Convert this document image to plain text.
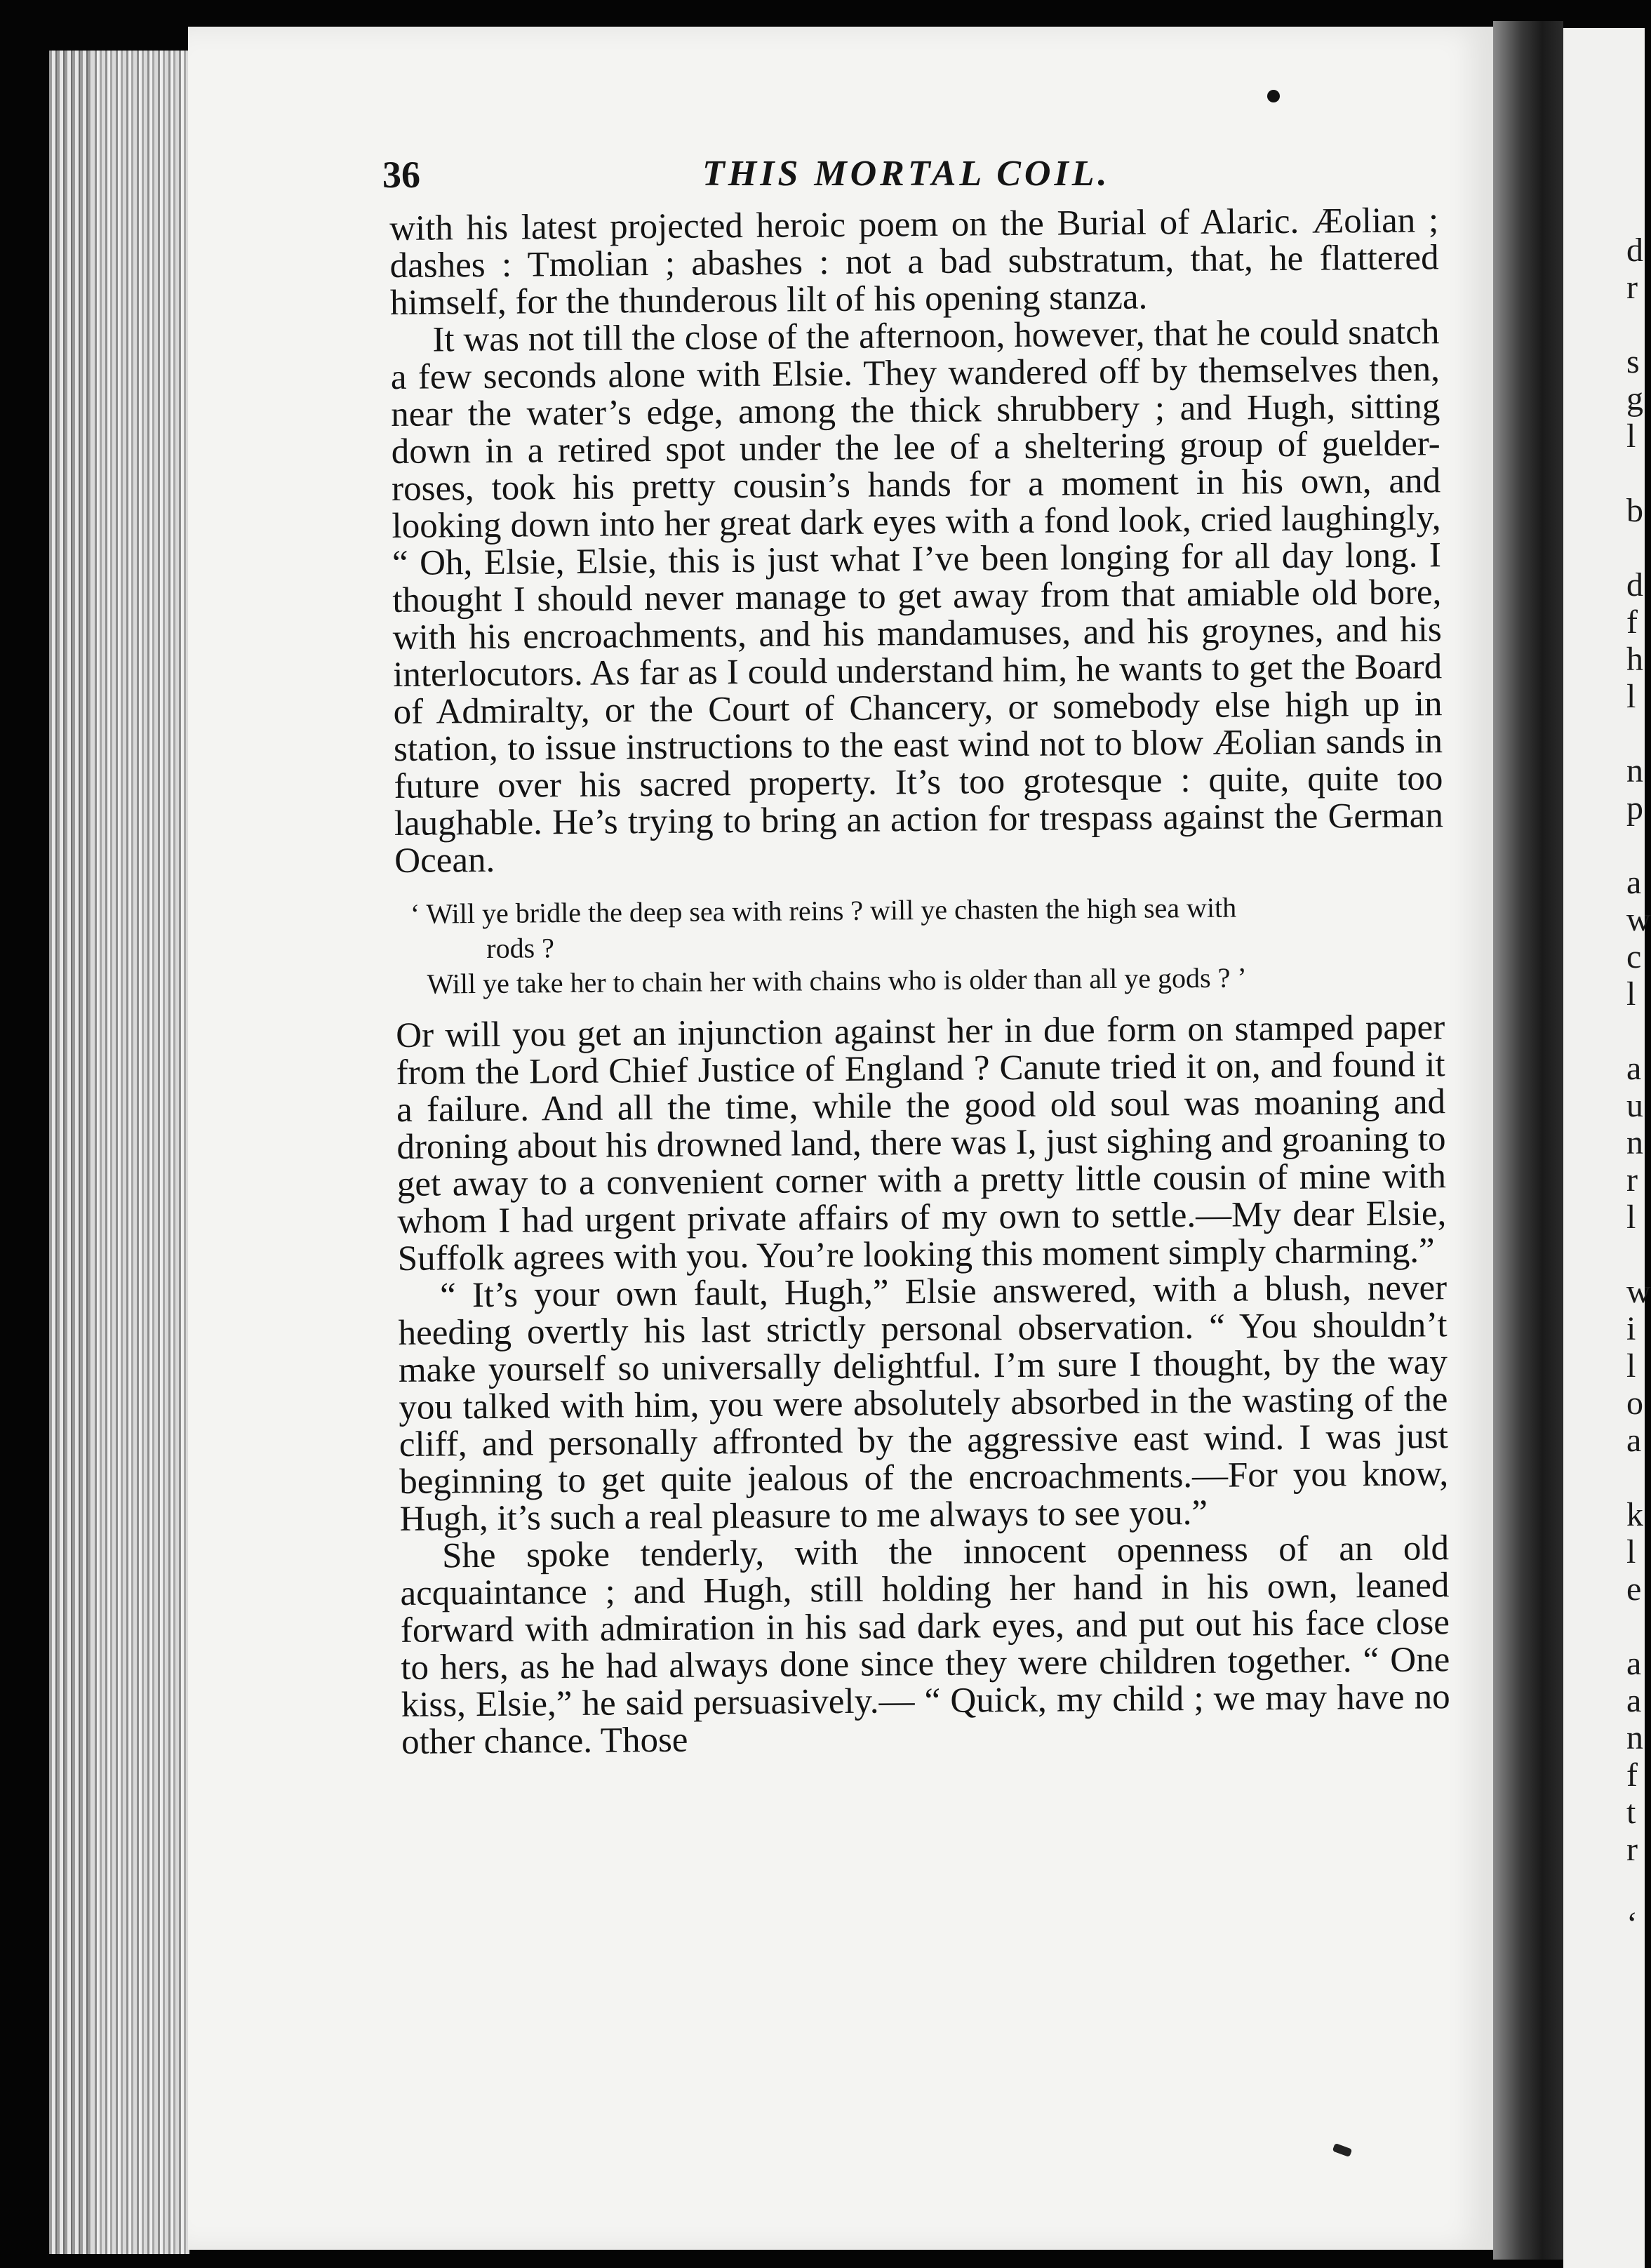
36	THIS MORTAL COIL.

with his latest projected heroic poem on the Burial of Alaric. Æolian ; dashes : Tmolian ; abashes : not a bad substratum, that, he flattered himself, for the thunderous lilt of his opening stanza.

It was not till the close of the afternoon, however, that he could snatch a few seconds alone with Elsie. They wandered off by themselves then, near the water’s edge, among the thick shrubbery ; and Hugh, sitting down in a retired spot under the lee of a sheltering group of guelder-roses, took his pretty cousin’s hands for a moment in his own, and looking down into her great dark eyes with a fond look, cried laughingly, “ Oh, Elsie, Elsie, this is just what I’ve been longing for all day long. I thought I should never manage to get away from that amiable old bore, with his encroachments, and his mandamuses, and his groynes, and his interlocutors. As far as I could understand him, he wants to get the Board of Admiralty, or the Court of Chancery, or somebody else high up in station, to issue instructions to the east wind not to blow Æolian sands in future over his sacred property. It’s too grotesque : quite, quite too laughable. He’s trying to bring an action for trespass against the German Ocean.

‘ Will ye bridle the deep sea with reins ? will ye chasten the high sea with
rods ?
Will ye take her to chain her with chains who is older than all ye gods ? ’

Or will you get an injunction against her in due form on stamped paper from the Lord Chief Justice of England ? Canute tried it on, and found it a failure. And all the time, while the good old soul was moaning and droning about his drowned land, there was I, just sighing and groaning to get away to a convenient corner with a pretty little cousin of mine with whom I had urgent private affairs of my own to settle.—My dear Elsie, Suffolk agrees with you. You’re looking this moment simply charming.”

“ It’s your own fault, Hugh,” Elsie answered, with a blush, never heeding overtly his last strictly personal observation. “ You shouldn’t make yourself so universally delightful. I’m sure I thought, by the way you talked with him, you were absolutely absorbed in the wasting of the cliff, and personally affronted by the aggressive east wind. I was just beginning to get quite jealous of the encroachments.—For you know, Hugh, it’s such a real pleasure to me always to see you.”

She spoke tenderly, with the innocent openness of an old acquaintance ; and Hugh, still holding her hand in his own, leaned forward with admiration in his sad dark eyes, and put out his face close to hers, as he had always done since they were children together. “ One kiss, Elsie,” he said persuasively.— “ Quick, my child ; we may have no other chance. Those

d
r

s
g
l

b

d
f
h
l

n
p

a
w
c
l

a
u
n
r
l

w
i
l
o
a

k
l
e

a
a
n
f
t
r

‘
